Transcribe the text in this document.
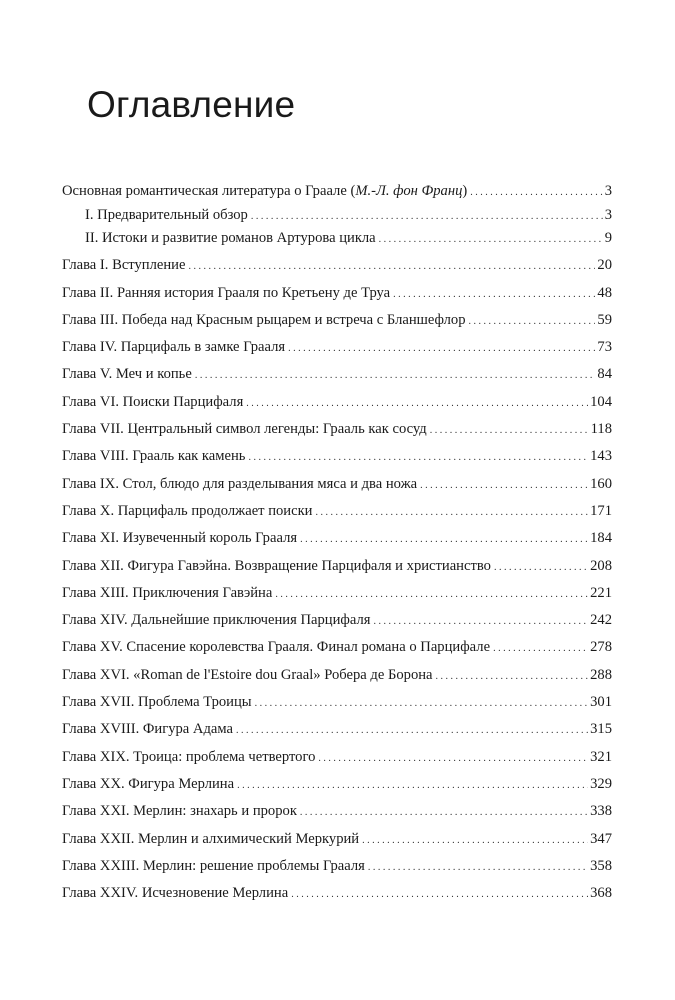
Оглавление
Основная романтическая литература о Граале (М.-Л. фон Франц) . . .	3
I. Предварительный обзор . . .	3
II. Истоки и развитие романов Артурова цикла . . .	9
Глава I. Вступление . . .	20
Глава II. Ранняя история Грааля по Кретьену де Труа . . .	48
Глава III. Победа над Красным рыцарем и встреча с Бланшефлор . . .	59
Глава IV. Парцифаль в замке Грааля . . .	73
Глава V. Меч и копье . . .	84
Глава VI. Поиски Парцифаля . . .	104
Глава VII. Центральный символ легенды: Грааль как сосуд . . .	118
Глава VIII. Грааль как камень . . .	143
Глава IX. Стол, блюдо для разделывания мяса и два ножа . . .	160
Глава X. Парцифаль продолжает поиски . . .	171
Глава XI. Изувеченный король Грааля . . .	184
Глава XII. Фигура Гавэйна. Возвращение Парцифаля и христианство . . .	208
Глава XIII. Приключения Гавэйна . . .	221
Глава XIV. Дальнейшие приключения Парцифаля . . .	242
Глава XV. Спасение королевства Грааля. Финал романа о Парцифале . . .	278
Глава XVI. «Roman de l'Estoire dou Graal» Робера де Борона . . .	288
Глава XVII. Проблема Троицы . . .	301
Глава XVIII. Фигура Адама . . .	315
Глава XIX. Троица: проблема четвертого . . .	321
Глава XX. Фигура Мерлина . . .	329
Глава XXI. Мерлин: знахарь и пророк . . .	338
Глава XXII. Мерлин и алхимический Меркурий . . .	347
Глава XXIII. Мерлин: решение проблемы Грааля . . .	358
Глава XXIV. Исчезновение Мерлина . . .	368
